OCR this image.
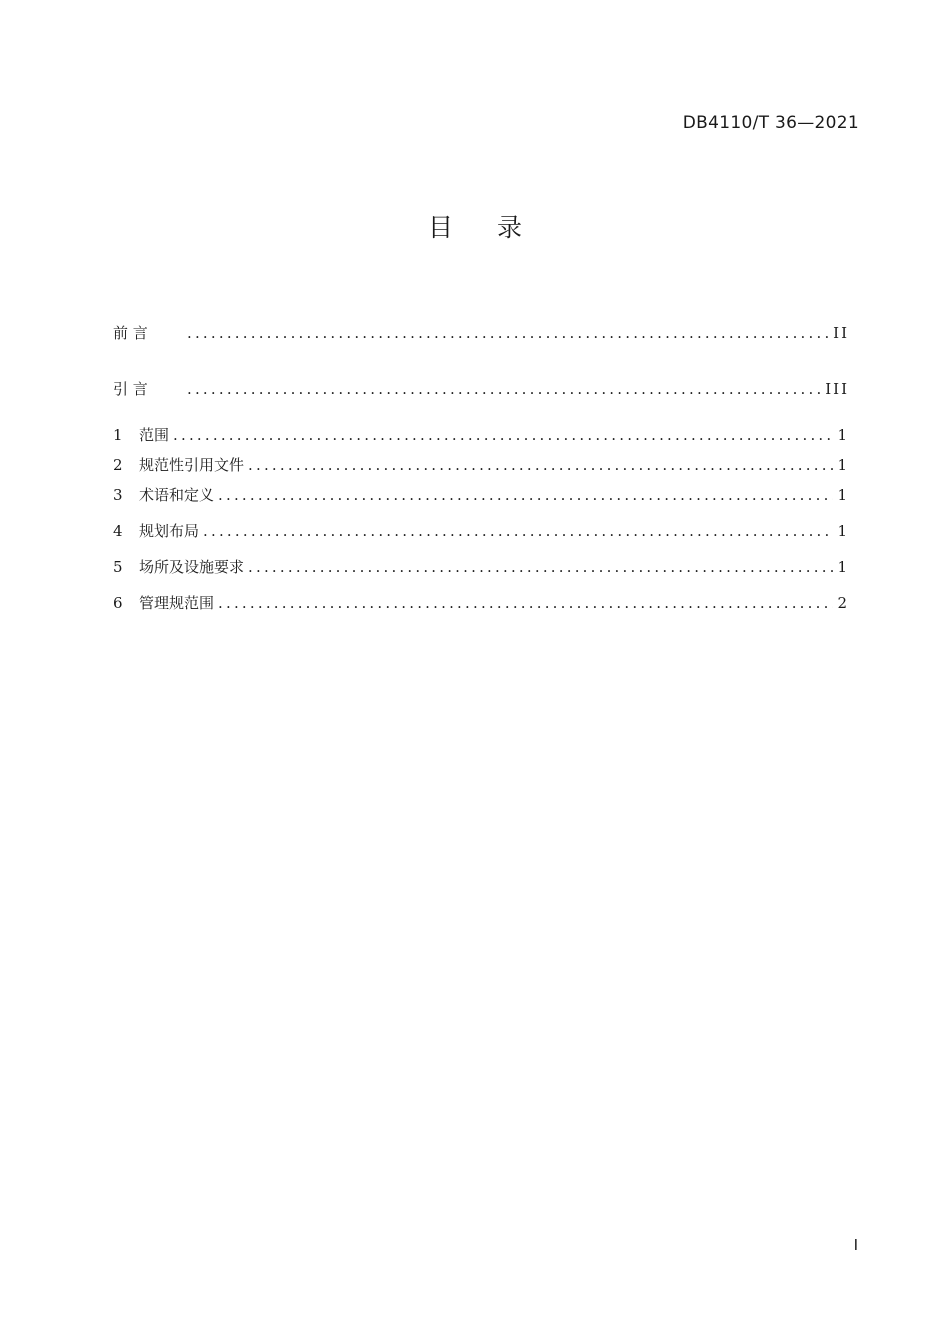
DB4110/T 36—2021
目 录
前 言 .....	II
引 言 .....	III
1	范围 .....	1
2	规范性引用文件 .....	1
3	术语和定义 .....	1
4	规划布局 .....	1
5	场所及设施要求 .....	1
6	管理规范围 .....	2
I
